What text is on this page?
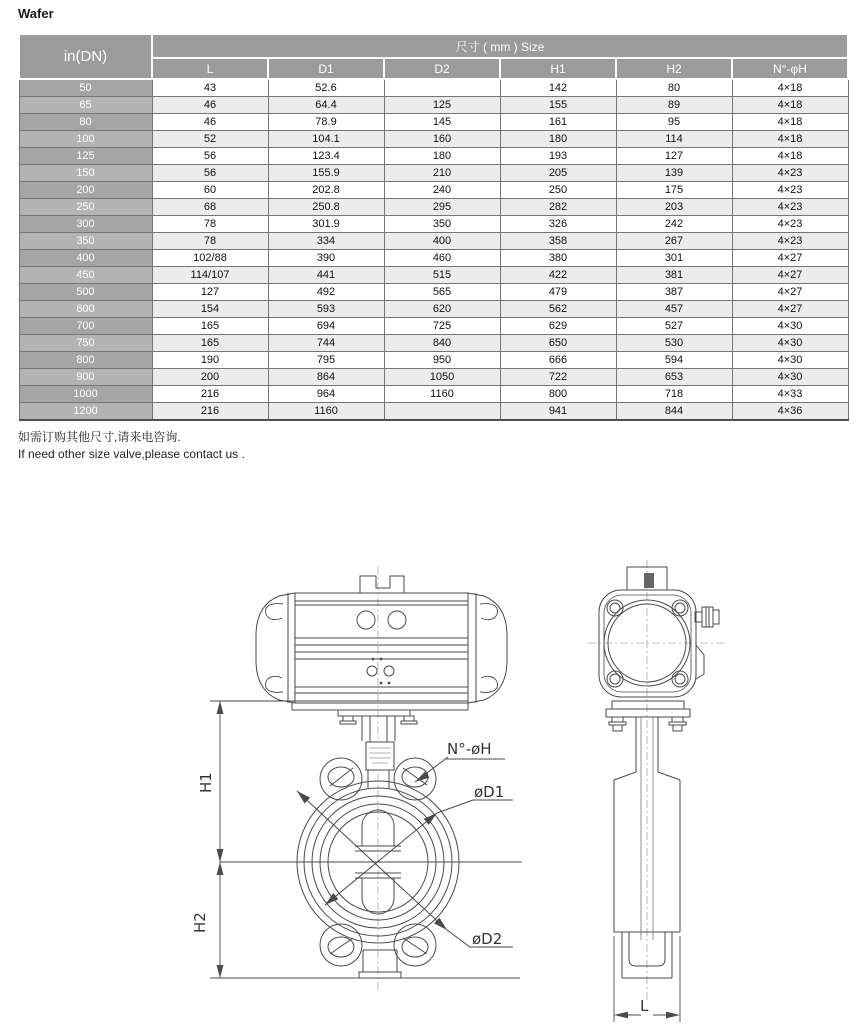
Wafer
in(DN)	尺寸 ( mm ) Size					
	L	D1	D2	H1	H2	N°-φH
50	43	52.6		142	80	4×18
65	46	64.4	125	155	89	4×18
80	46	78.9	145	161	95	4×18
100	52	104.1	160	180	114	4×18
125	56	123.4	180	193	127	4×18
150	56	155.9	210	205	139	4×23
200	60	202.8	240	250	175	4×23
250	68	250.8	295	282	203	4×23
300	78	301.9	350	326	242	4×23
350	78	334	400	358	267	4×23
400	102/88	390	460	380	301	4×27
450	114/107	441	515	422	381	4×27
500	127	492	565	479	387	4×27
600	154	593	620	562	457	4×27
700	165	694	725	629	527	4×30
750	165	744	840	650	530	4×30
800	190	795	950	666	594	4×30
900	200	864	1050	722	653	4×30
1000	216	964	1160	800	718	4×33
1200	216	1160		941	844	4×36
如需订购其他尺寸,请来电咨询.
If need other size valve,please contact us .
N°-øH
øD1
øD2
H1
H2
L
